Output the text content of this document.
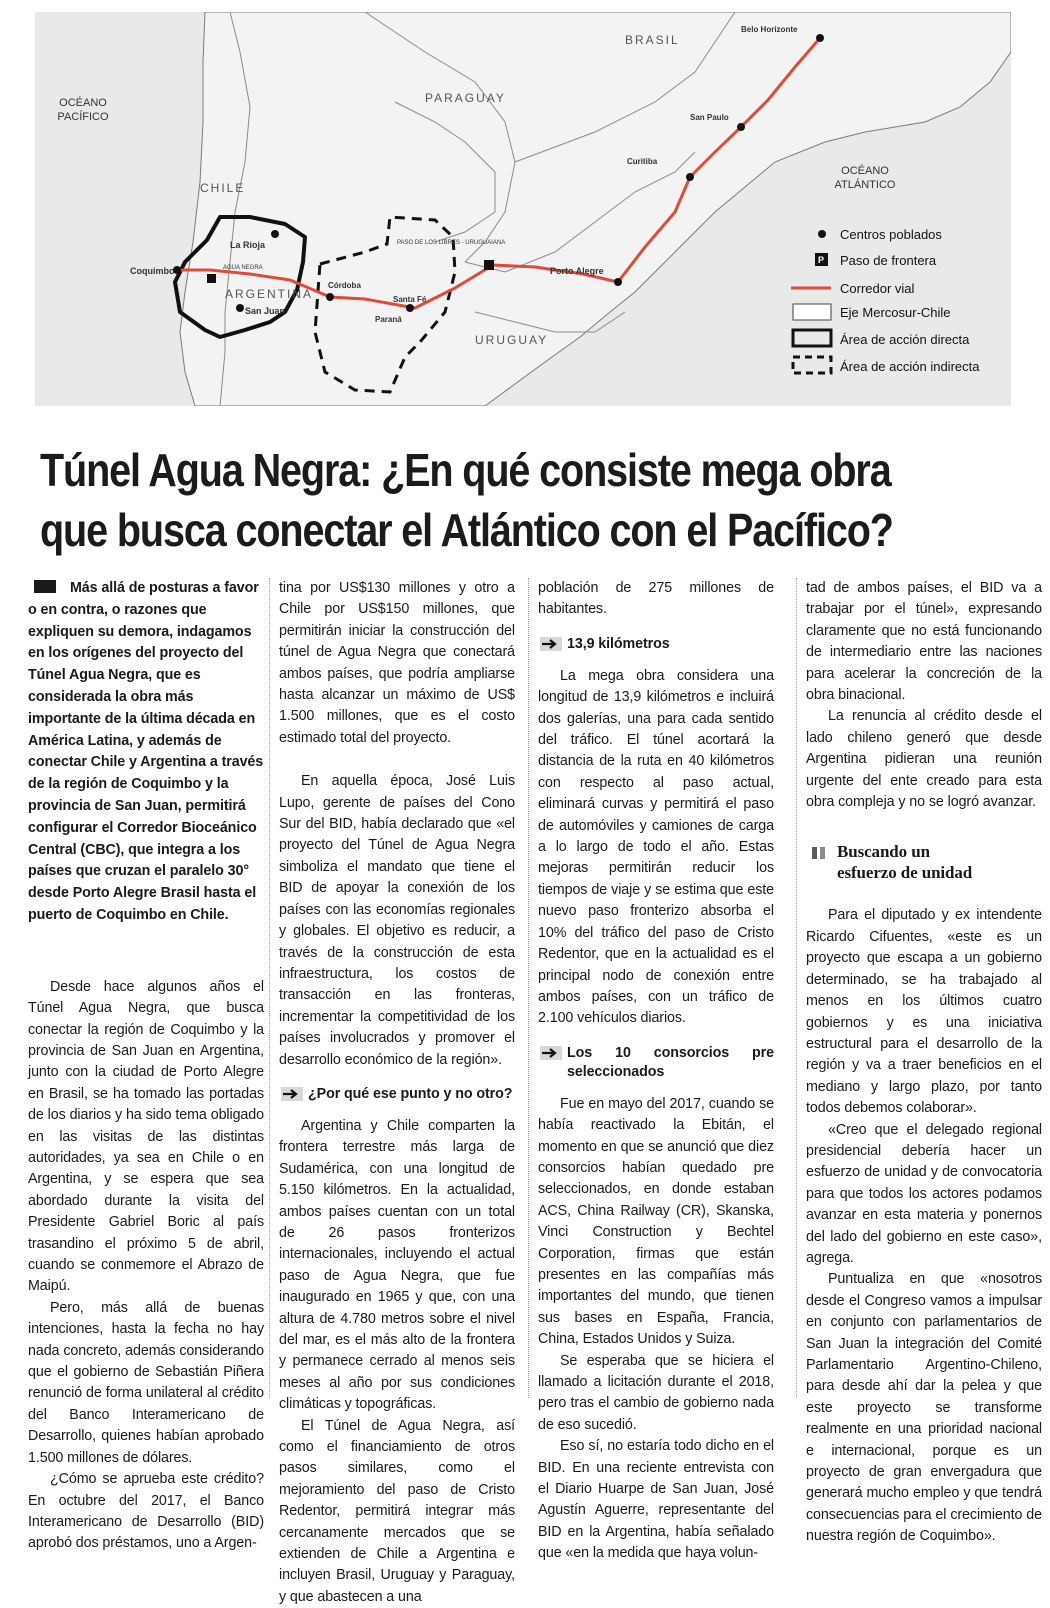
OCÉANO PACÍFICO
OCÉANO ATLÁNTICO
BRASIL
PARAGUAY
CHILE
ARGENTINA
URUGUAY
La Rioja
AGUA NEGRA
Coquimbo
San Juan
Córdoba
Santa Fé
Paraná
PASO DE LOS LIBRES - URUGUAIANA
Porto Alegre
Curitiba
San Paulo
Belo Horizonte
Centros poblados
P Paso de frontera
Corredor vial
Eje Mercosur-Chile
Área de acción directa
Área de acción indirecta
Túnel Agua Negra: ¿En qué consiste mega obra
que busca conectar el Atlántico con el Pacífico?

Más allá de posturas a favor o en contra, o razones que expliquen su demora, indagamos en los orígenes del proyecto del Túnel Agua Negra, que es considerada la obra más importante de la última década en América Latina, y además de conectar Chile y Argentina a través de la región de Coquimbo y la provincia de San Juan, permitirá configurar el Corredor Bioceánico Central (CBC), que integra a los países que cruzan el paralelo 30° desde Porto Alegre Brasil hasta el puerto de Coquimbo en Chile.

Desde hace algunos años el Túnel Agua Negra, que busca conectar la región de Coquimbo y la provincia de San Juan en Argentina, junto con la ciudad de Porto Alegre en Brasil, se ha tomado las portadas de los diarios y ha sido tema obligado en las visitas de las distintas autoridades, ya sea en Chile o en Argentina, y se espera que sea abordado durante la visita del Presidente Gabriel Boric al país trasandino el próximo 5 de abril, cuando se conmemore el Abrazo de Maipú.

Pero, más allá de buenas intenciones, hasta la fecha no hay nada concreto, además considerando que el gobierno de Sebastián Piñera renunció de forma unilateral al crédito del Banco Interamericano de Desarrollo, quienes habían aprobado 1.500 millones de dólares.

¿Cómo se aprueba este crédito? En octubre del 2017, el Banco Interamericano de Desarrollo (BID) aprobó dos préstamos, uno a Argen-

tina por US$130 millones y otro a Chile por US$150 millones, que permitirán iniciar la construcción del túnel de Agua Negra que conectará ambos países, que podría ampliarse hasta alcanzar un máximo de US$ 1.500 millones, que es el costo estimado total del proyecto.

En aquella época, José Luis Lupo, gerente de países del Cono Sur del BID, había declarado que «el proyecto del Túnel de Agua Negra simboliza el mandato que tiene el BID de apoyar la conexión de los países con las economías regionales y globales. El objetivo es reducir, a través de la construcción de esta infraestructura, los costos de transacción en las fronteras, incrementar la competitividad de los países involucrados y promover el desarrollo económico de la región».

¿Por qué ese punto y no otro?

Argentina y Chile comparten la frontera terrestre más larga de Sudamérica, con una longitud de 5.150 kilómetros. En la actualidad, ambos países cuentan con un total de 26 pasos fronterizos internacionales, incluyendo el actual paso de Agua Negra, que fue inaugurado en 1965 y que, con una altura de 4.780 metros sobre el nivel del mar, es el más alto de la frontera y permanece cerrado al menos seis meses al año por sus condiciones climáticas y topográficas.

El Túnel de Agua Negra, así como el financiamiento de otros pasos similares, como el mejoramiento del paso de Cristo Redentor, permitirá integrar más cercanamente mercados que se extienden de Chile a Argentina e incluyen Brasil, Uruguay y Paraguay, y que abastecen a una

población de 275 millones de habitantes.

13,9 kilómetros

La mega obra considera una longitud de 13,9 kilómetros e incluirá dos galerías, una para cada sentido del tráfico. El túnel acortará la distancia de la ruta en 40 kilómetros con respecto al paso actual, eliminará curvas y permitirá el paso de automóviles y camiones de carga a lo largo de todo el año. Estas mejoras permitirán reducir los tiempos de viaje y se estima que este nuevo paso fronterizo absorba el 10% del tráfico del paso de Cristo Redentor, que en la actualidad es el principal nodo de conexión entre ambos países, con un tráfico de 2.100 vehículos diarios.

Los 10 consorcios pre seleccionados

Fue en mayo del 2017, cuando se había reactivado la Ebitán, el momento en que se anunció que diez consorcios habían quedado pre seleccionados, en donde estaban ACS, China Railway (CR), Skanska, Vinci Construction y Bechtel Corporation, firmas que están presentes en las compañías más importantes del mundo, que tienen sus bases en España, Francia, China, Estados Unidos y Suiza.

Se esperaba que se hiciera el llamado a licitación durante el 2018, pero tras el cambio de gobierno nada de eso sucedió.

Eso sí, no estaría todo dicho en el BID. En una reciente entrevista con el Diario Huarpe de San Juan, José Agustín Aguerre, representante del BID en la Argentina, había señalado que «en la medida que haya volun-

tad de ambos países, el BID va a trabajar por el túnel», expresando claramente que no está funcionando de intermediario entre las naciones para acelerar la concreción de la obra binacional.

La renuncia al crédito desde el lado chileno generó que desde Argentina pidieran una reunión urgente del ente creado para esta obra compleja y no se logró avanzar.

Buscando un
esfuerzo de unidad

Para el diputado y ex intendente Ricardo Cifuentes, «este es un proyecto que escapa a un gobierno determinado, se ha trabajado al menos en los últimos cuatro gobiernos y es una iniciativa estructural para el desarrollo de la región y va a traer beneficios en el mediano y largo plazo, por tanto todos debemos colaborar».

«Creo que el delegado regional presidencial debería hacer un esfuerzo de unidad y de convocatoria para que todos los actores podamos avanzar en esta materia y ponernos del lado del gobierno en este caso», agrega.

Puntualiza en que «nosotros desde el Congreso vamos a impulsar en conjunto con parlamentarios de San Juan la integración del Comité Parlamentario Argentino-Chileno, para desde ahí dar la pelea y que este proyecto se transforme realmente en una prioridad nacional e internacional, porque es un proyecto de gran envergadura que generará mucho empleo y que tendrá consecuencias para el crecimiento de nuestra región de Coquimbo».
